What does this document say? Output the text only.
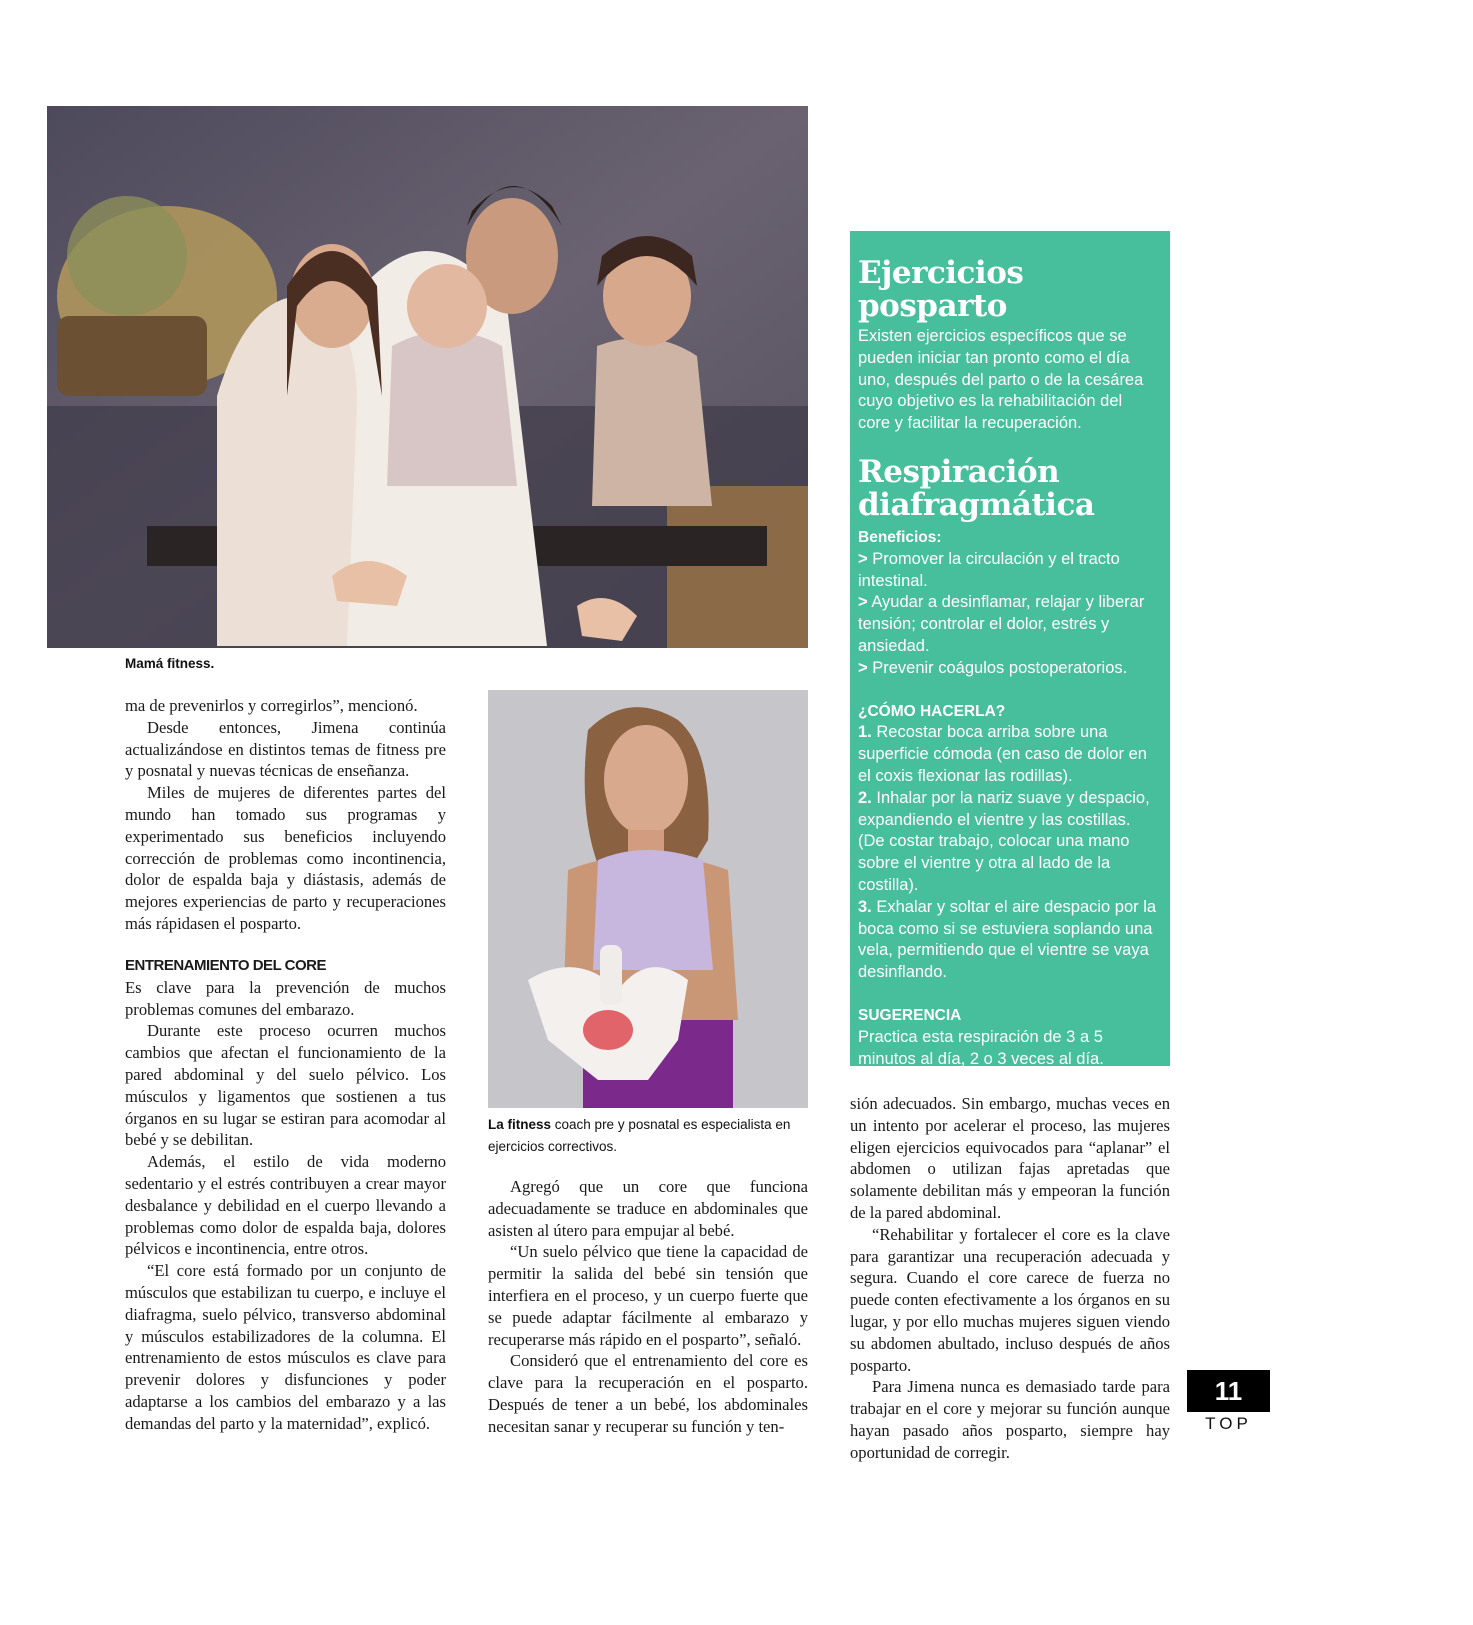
Mamá fitness.

ma de prevenirlos y corregirlos”, mencionó.

Desde entonces, Jimena continúa actualizándose en distintos temas de fitness pre y posnatal y nuevas técnicas de enseñanza.

Miles de mujeres de diferentes partes del mundo han tomado sus programas y experimentado sus beneficios incluyendo corrección de problemas como incontinencia, dolor de espalda baja y diástasis, además de mejores experiencias de parto y recuperaciones más rápidasen el posparto.

ENTRENAMIENTO DEL CORE

Es clave para la prevención de muchos problemas comunes del embarazo.

Durante este proceso ocurren muchos cambios que afectan el funcionamiento de la pared abdominal y del suelo pélvico. Los músculos y ligamentos que sostienen a tus órganos en su lugar se estiran para acomodar al bebé y se debilitan.

Además, el estilo de vida moderno sedentario y el estrés contribuyen a crear mayor desbalance y debilidad en el cuerpo llevando a problemas como dolor de espalda baja, dolores pélvicos e incontinencia, entre otros.

“El core está formado por un conjunto de músculos que estabilizan tu cuerpo, e incluye el diafragma, suelo pélvico, transverso abdominal y músculos estabilizadores de la columna. El entrenamiento de estos músculos es clave para prevenir dolores y disfunciones y poder adaptarse a los cambios del embarazo y a las demandas del parto y la maternidad”, explicó.

La fitness coach pre y posnatal es especialista en ejercicios correctivos.

Agregó que un core que funciona adecuadamente se traduce en abdominales que asisten al útero para empujar al bebé.

“Un suelo pélvico que tiene la capacidad de permitir la salida del bebé sin tensión que interfiera en el proceso, y un cuerpo fuerte que se puede adaptar fácilmente al embarazo y recuperarse más rápido en el posparto”, señaló.

Consideró que el entrenamiento del core es clave para la recuperación en el posparto. Después de tener a un bebé, los abdominales necesitan sanar y recuperar su función y ten-

Ejercicios posparto
Existen ejercicios específicos que se pueden iniciar tan pronto como el día uno, después del parto o de la cesárea cuyo objetivo es la rehabilitación del core y facilitar la recuperación.
Respiración diafragmática
Beneficios:
> Promover la circulación y el tracto intestinal.
> Ayudar a desinflamar, relajar y liberar tensión; controlar el dolor, estrés y ansiedad.
> Prevenir coágulos postoperatorios.
¿CÓMO HACERLA?
1. Recostar boca arriba sobre una superficie cómoda (en caso de dolor en el coxis flexionar las rodillas).
2. Inhalar por la nariz suave y despacio, expandiendo el vientre y las costillas. (De costar trabajo, colocar una mano sobre el vientre y otra al lado de la costilla).
3. Exhalar y soltar el aire despacio por la boca como si se estuviera soplando una vela, permitiendo que el vientre se vaya desinflando.
SUGERENCIA
Practica esta respiración de 3 a 5 minutos al día, 2 o 3 veces al día.

sión adecuados. Sin embargo, muchas veces en un intento por acelerar el proceso, las mujeres eligen ejercicios equivocados para “aplanar” el abdomen o utilizan fajas apretadas que solamente debilitan más y empeoran la función de la pared abdominal.

“Rehabilitar y fortalecer el core es la clave para garantizar una recuperación adecuada y segura. Cuando el core carece de fuerza no puede conten efectivamente a los órganos en su lugar, y por ello muchas mujeres siguen viendo su abdomen abultado, incluso después de años posparto.

Para Jimena nunca es demasiado tarde para trabajar en el core y mejorar su función aunque hayan pasado años posparto, siempre hay oportunidad de corregir.

11
TOP
